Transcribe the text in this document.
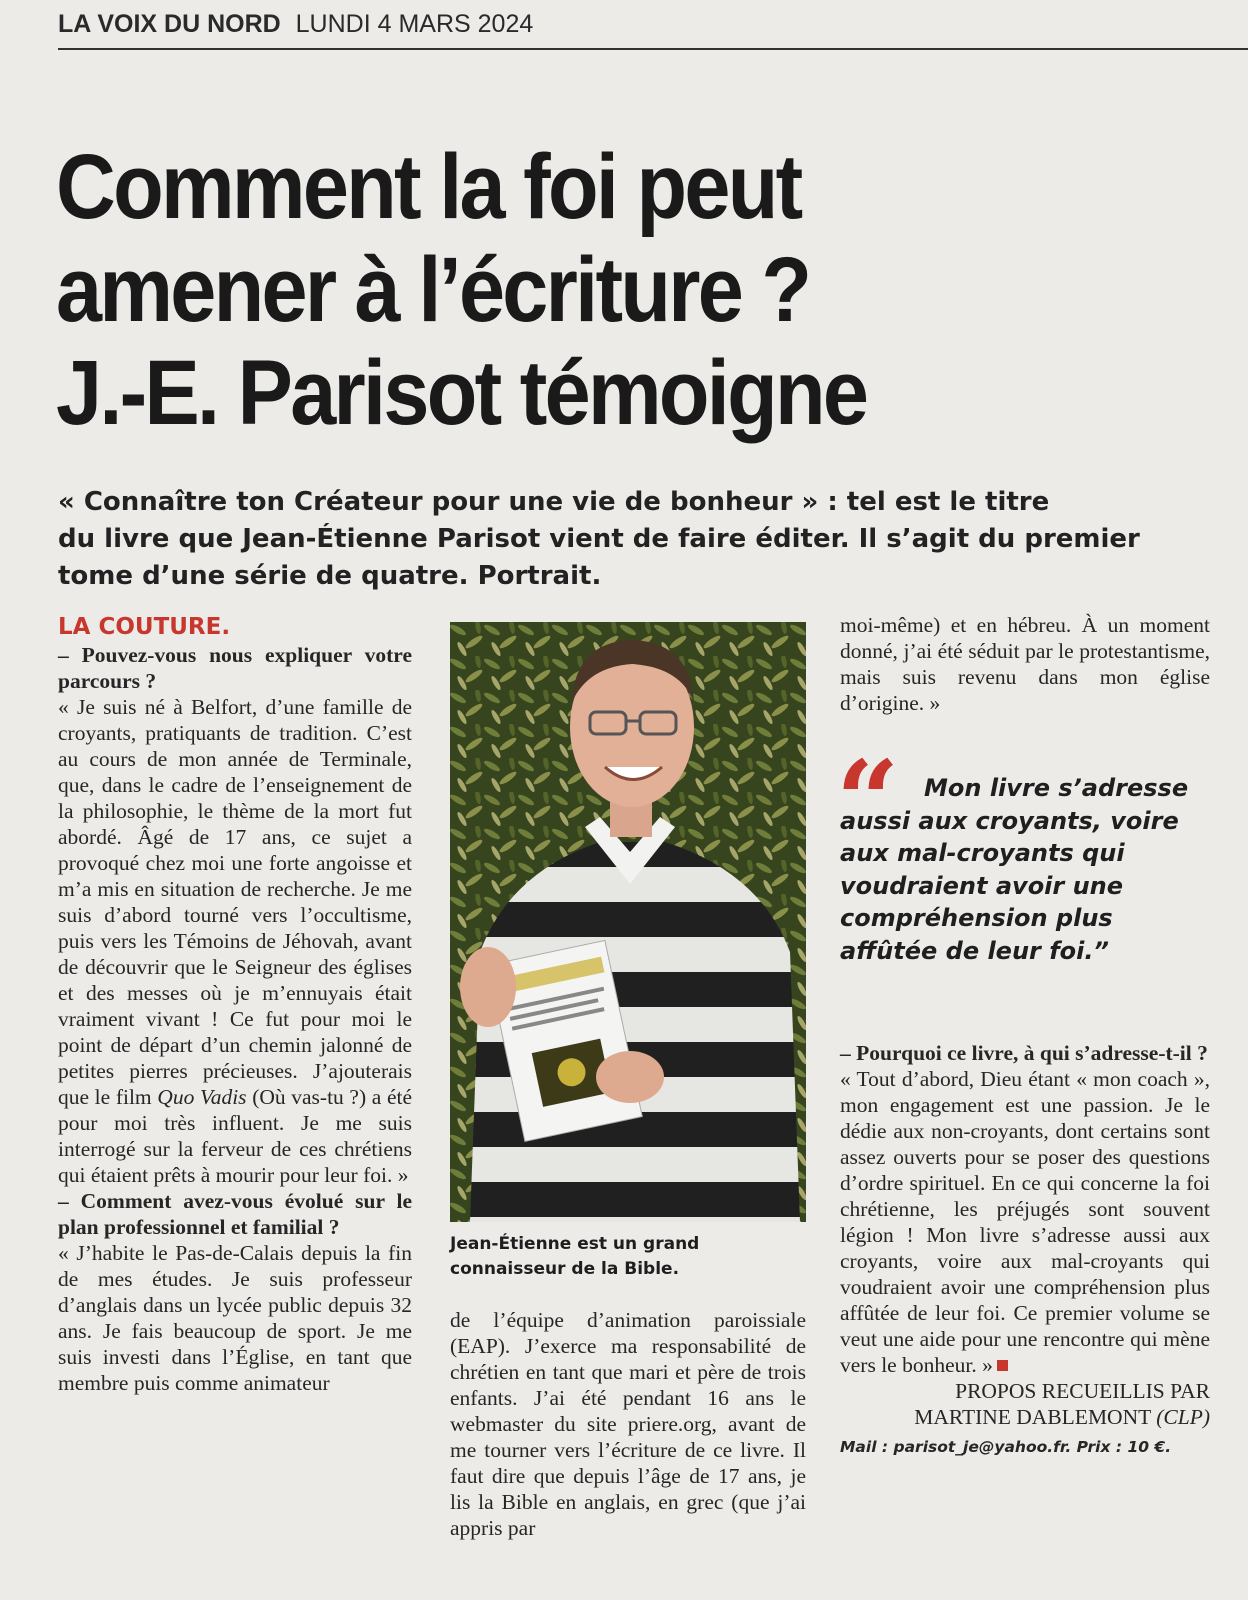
LA VOIX DU NORD LUNDI 4 MARS 2024
Comment la foi peut
amener à l’écriture ?
J.-E. Parisot témoigne
« Connaître ton Créateur pour une vie de bonheur » : tel est le titre
du livre que Jean-Étienne Parisot vient de faire éditer. Il s’agit du premier
tome d’une série de quatre. Portrait.
LA COUTURE.

– Pouvez-vous nous expliquer votre parcours ?

« Je suis né à Belfort, d’une famille de croyants, pratiquants de tradition. C’est au cours de mon année de Terminale, que, dans le cadre de l’enseignement de la philosophie, le thème de la mort fut abordé. Âgé de 17 ans, ce sujet a provoqué chez moi une forte angoisse et m’a mis en situation de recherche. Je me suis d’abord tourné vers l’occultisme, puis vers les Témoins de Jéhovah, avant de découvrir que le Seigneur des églises et des messes où je m’ennuyais était vraiment vivant ! Ce fut pour moi le point de départ d’un chemin jalonné de petites pierres précieuses. J’ajouterais que le film Quo Vadis (Où vas-tu ?) a été pour moi très influent. Je me suis interrogé sur la ferveur de ces chrétiens qui étaient prêts à mourir pour leur foi. »

– Comment avez-vous évolué sur le plan professionnel et familial ?

« J’habite le Pas-de-Calais depuis la fin de mes études. Je suis professeur d’anglais dans un lycée public depuis 32 ans. Je fais beaucoup de sport. Je me suis investi dans l’Église, en tant que membre puis comme animateur

Jean-Étienne est un grand connaisseur de la Bible.

de l’équipe d’animation paroissiale (EAP). J’exerce ma responsabilité de chrétien en tant que mari et père de trois enfants. J’ai été pendant 16 ans le webmaster du site priere.org, avant de me tourner vers l’écriture de ce livre. Il faut dire que depuis l’âge de 17 ans, je lis la Bible en anglais, en grec (que j’ai appris par

moi-même) et en hébreu. À un moment donné, j’ai été séduit par le protestantisme, mais suis revenu dans mon église d’origine. »

“	Mon livre s’adresse aussi aux croyants, voire aux mal-croyants qui voudraient avoir une compréhension plus affûtée de leur foi.”

– Pourquoi ce livre, à qui s’adresse-t-il ?

« Tout d’abord, Dieu étant « mon coach », mon engagement est une passion. Je le dédie aux non-croyants, dont certains sont assez ouverts pour se poser des questions d’ordre spirituel. En ce qui concerne la foi chrétienne, les préjugés sont souvent légion ! Mon livre s’adresse aussi aux croyants, voire aux mal-croyants qui voudraient avoir une compréhension plus affûtée de leur foi. Ce premier volume se veut une aide pour une rencontre qui mène vers le bonheur. »

PROPOS RECUEILLIS PAR
MARTINE DABLEMONT (CLP)
Mail : parisot_je@yahoo.fr. Prix : 10 €.
